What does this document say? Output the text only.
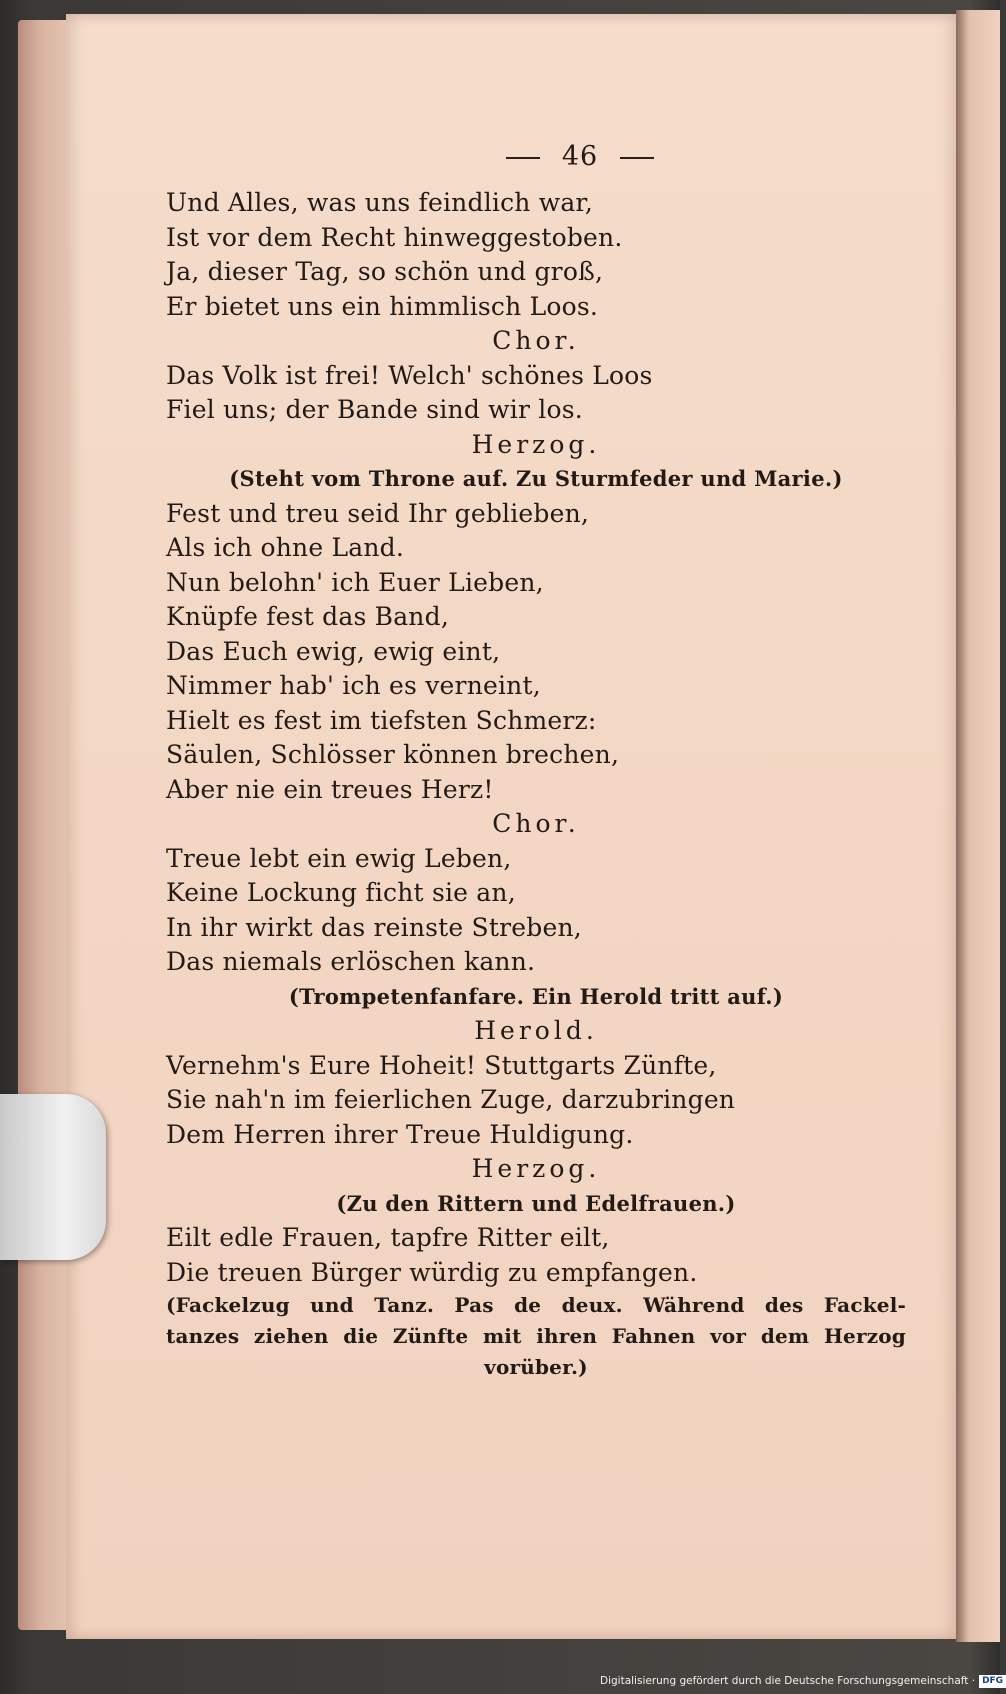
46
Und Alles, was uns feindlich war,
Ist vor dem Recht hinweggestoben.
Ja, dieser Tag, so schön und groß,
Er bietet uns ein himmlisch Loos.
Chor.
Das Volk ist frei! Welch' schönes Loos
Fiel uns; der Bande sind wir los.
Herzog.
(Steht vom Throne auf. Zu Sturmfeder und Marie.)
Fest und treu seid Ihr geblieben,
Als ich ohne Land.
Nun belohn' ich Euer Lieben,
Knüpfe fest das Band,
Das Euch ewig, ewig eint,
Nimmer hab' ich es verneint,
Hielt es fest im tiefsten Schmerz:
Säulen, Schlösser können brechen,
Aber nie ein treues Herz!
Chor.
Treue lebt ein ewig Leben,
Keine Lockung ficht sie an,
In ihr wirkt das reinste Streben,
Das niemals erlöschen kann.
(Trompetenfanfare. Ein Herold tritt auf.)
Herold.
Vernehm's Eure Hoheit! Stuttgarts Zünfte,
Sie nah'n im feierlichen Zuge, darzubringen
Dem Herren ihrer Treue Huldigung.
Herzog.
(Zu den Rittern und Edelfrauen.)
Eilt edle Frauen, tapfre Ritter eilt,
Die treuen Bürger würdig zu empfangen.
(Fackelzug und Tanz. Pas de deux. Während des Fackel-
tanzes ziehen die Zünfte mit ihren Fahnen vor dem Herzog
vorüber.)
Digitalisierung gefördert durch die Deutsche Forschungsgemeinschaft · DFG
